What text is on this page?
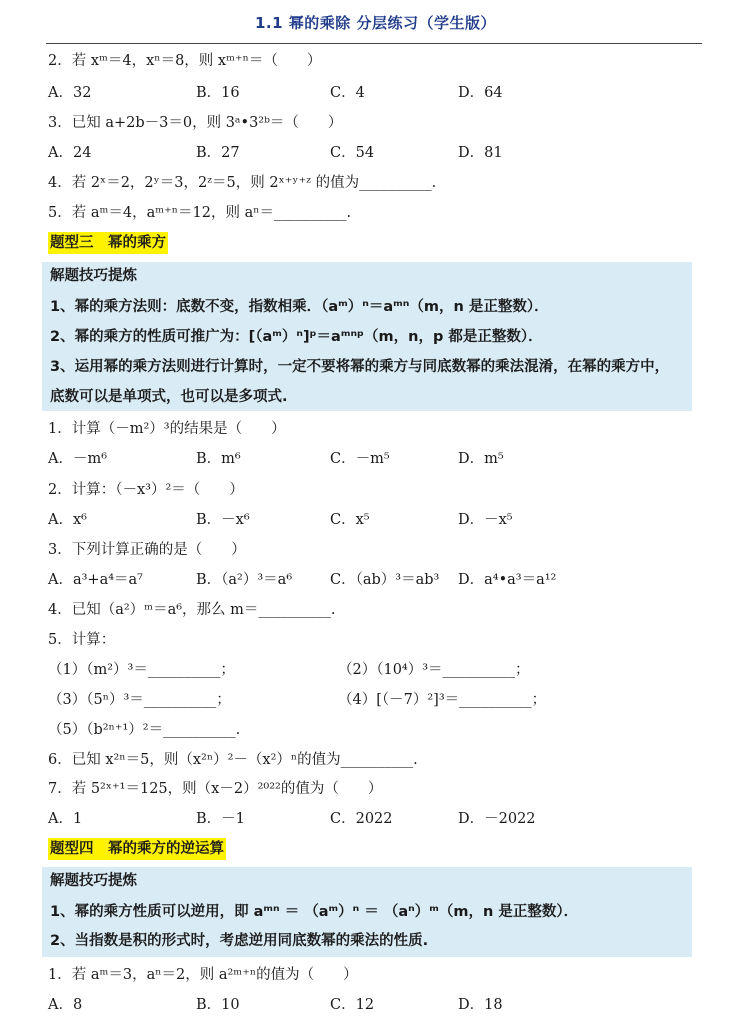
1.1 幂的乘除 分层练习（学生版）
2．若 xᵐ＝4，xⁿ＝8，则 xᵐ⁺ⁿ＝（　　）
A．32	B．16	C．4	D．64
3．已知 a+2b－3＝0，则 3ᵃ•3²ᵇ＝（　　）
A．24	B．27	C．54	D．81
4．若 2ˣ＝2，2ʸ＝3，2ᶻ＝5，则 2ˣ⁺ʸ⁺ᶻ 的值为__________.
5．若 aᵐ＝4，aᵐ⁺ⁿ＝12，则 aⁿ＝__________.
题型三　幂的乘方
解题技巧提炼
1、幂的乘方法则：底数不变，指数相乘．（aᵐ）ⁿ＝aᵐⁿ（m，n 是正整数）．
2、幂的乘方的性质可推广为：[（aᵐ）ⁿ]ᵖ＝aᵐⁿᵖ（m，n，p 都是正整数）．
3、运用幂的乘方法则进行计算时，一定不要将幂的乘方与同底数幂的乘法混淆，在幂的乘方中，
底数可以是单项式，也可以是多项式.
1．计算（－m²）³的结果是（　　）
A．－m⁶	B．m⁶	C．－m⁵	D．m⁵
2．计算：（－x³）²＝（　　）
A．x⁶	B．－x⁶	C．x⁵	D．－x⁵
3．下列计算正确的是（　　）
A．a³+a⁴＝a⁷	B．（a²）³＝a⁶	C．（ab）³＝ab³ D．a⁴•a³＝a¹²
4．已知（a²）ᵐ＝a⁶，那么 m＝__________.
5．计算：
（1）（m²）³＝__________；	（2）（10⁴）³＝__________；
（3）（5ⁿ）³＝__________；	（4）[（－7）²]³＝__________；
（5）（b²ⁿ⁺¹）²＝__________.
6．已知 x²ⁿ＝5，则（x²ⁿ）²－（x²）ⁿ的值为__________.
7．若 5²ˣ⁺¹＝125，则（x－2）²⁰²²的值为（　　）
A．1	B．－1	C．2022	D．－2022
题型四　幂的乘方的逆运算
解题技巧提炼
1、幂的乘方性质可以逆用，即 aᵐⁿ ＝ （aᵐ）ⁿ ＝ （aⁿ）ᵐ（m，n 是正整数）．
2、当指数是积的形式时，考虑逆用同底数幂的乘法的性质.
1．若 aᵐ＝3，aⁿ＝2，则 a²ᵐ⁺ⁿ的值为（　　）
A．8	B．10	C．12	D．18
